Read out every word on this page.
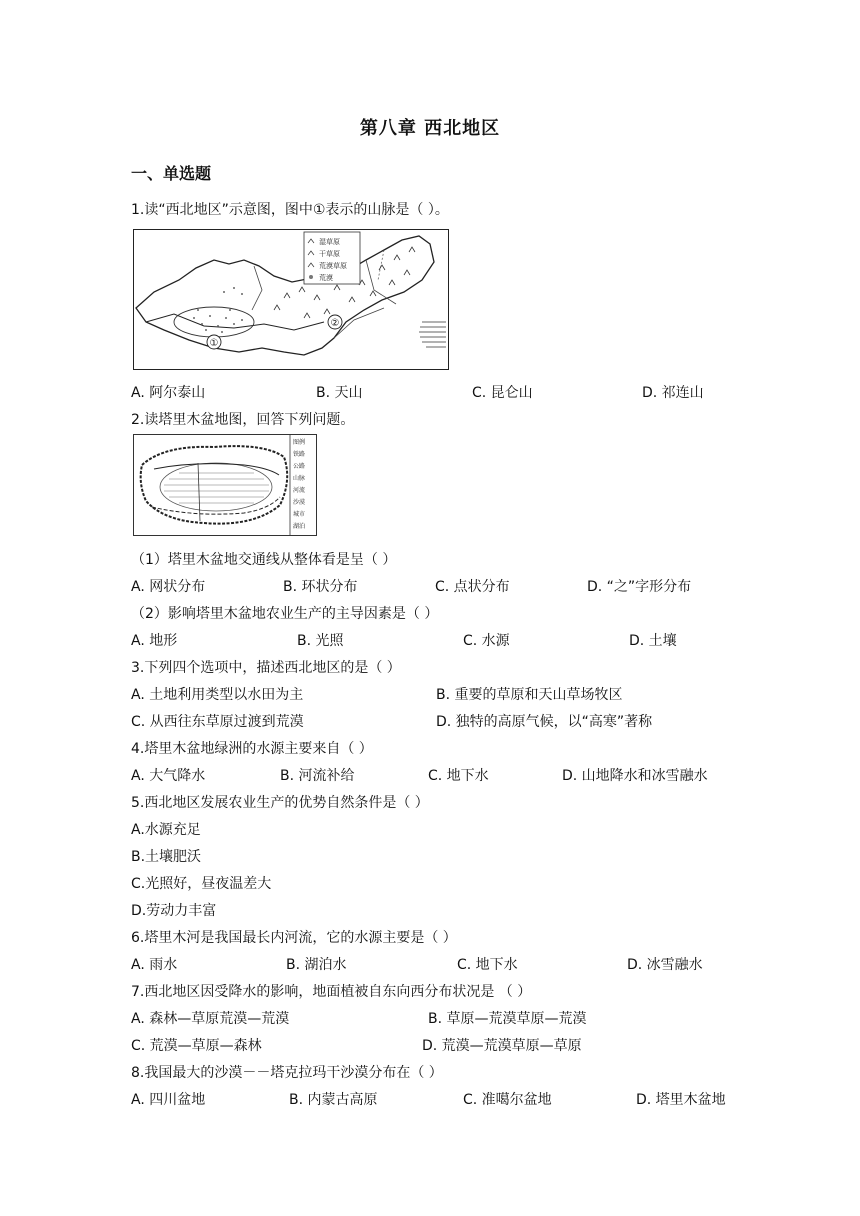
第八章 西北地区
一、单选题
1.读“西北地区”示意图，图中①表示的山脉是（ ）。
①
②
湿草原
干草原
荒漠草原
荒漠
A. 阿尔泰山	B. 天山	C. 昆仑山	D. 祁连山
2.读塔里木盆地图，回答下列问题。
图例
铁路
公路
山脉
河流
沙漠
城市
湖泊
（1）塔里木盆地交通线从整体看是呈（ ）
A. 网状分布	B. 环状分布	C. 点状分布	D. “之”字形分布
（2）影响塔里木盆地农业生产的主导因素是（ ）
A. 地形	B. 光照	C. 水源	D. 土壤
3.下列四个选项中，描述西北地区的是（ ）
A. 土地利用类型以水田为主	B. 重要的草原和天山草场牧区
C. 从西往东草原过渡到荒漠	D. 独特的高原气候，以“高寒”著称
4.塔里木盆地绿洲的水源主要来自（ ）
A. 大气降水	B. 河流补给	C. 地下水	D. 山地降水和冰雪融水
5.西北地区发展农业生产的优势自然条件是（ ）
A.水源充足
B.土壤肥沃
C.光照好，昼夜温差大
D.劳动力丰富
6.塔里木河是我国最长内河流，它的水源主要是（ ）
A. 雨水	B. 湖泊水	C. 地下水	D. 冰雪融水
7.西北地区因受降水的影响，地面植被自东向西分布状况是 （ ）
A. 森林—草原荒漠—荒漠	B. 草原—荒漠草原—荒漠
C. 荒漠—草原—森林	D. 荒漠—荒漠草原—草原
8.我国最大的沙漠－－塔克拉玛干沙漠分布在（ ）
A. 四川盆地	B. 内蒙古高原	C. 准噶尔盆地	D. 塔里木盆地
